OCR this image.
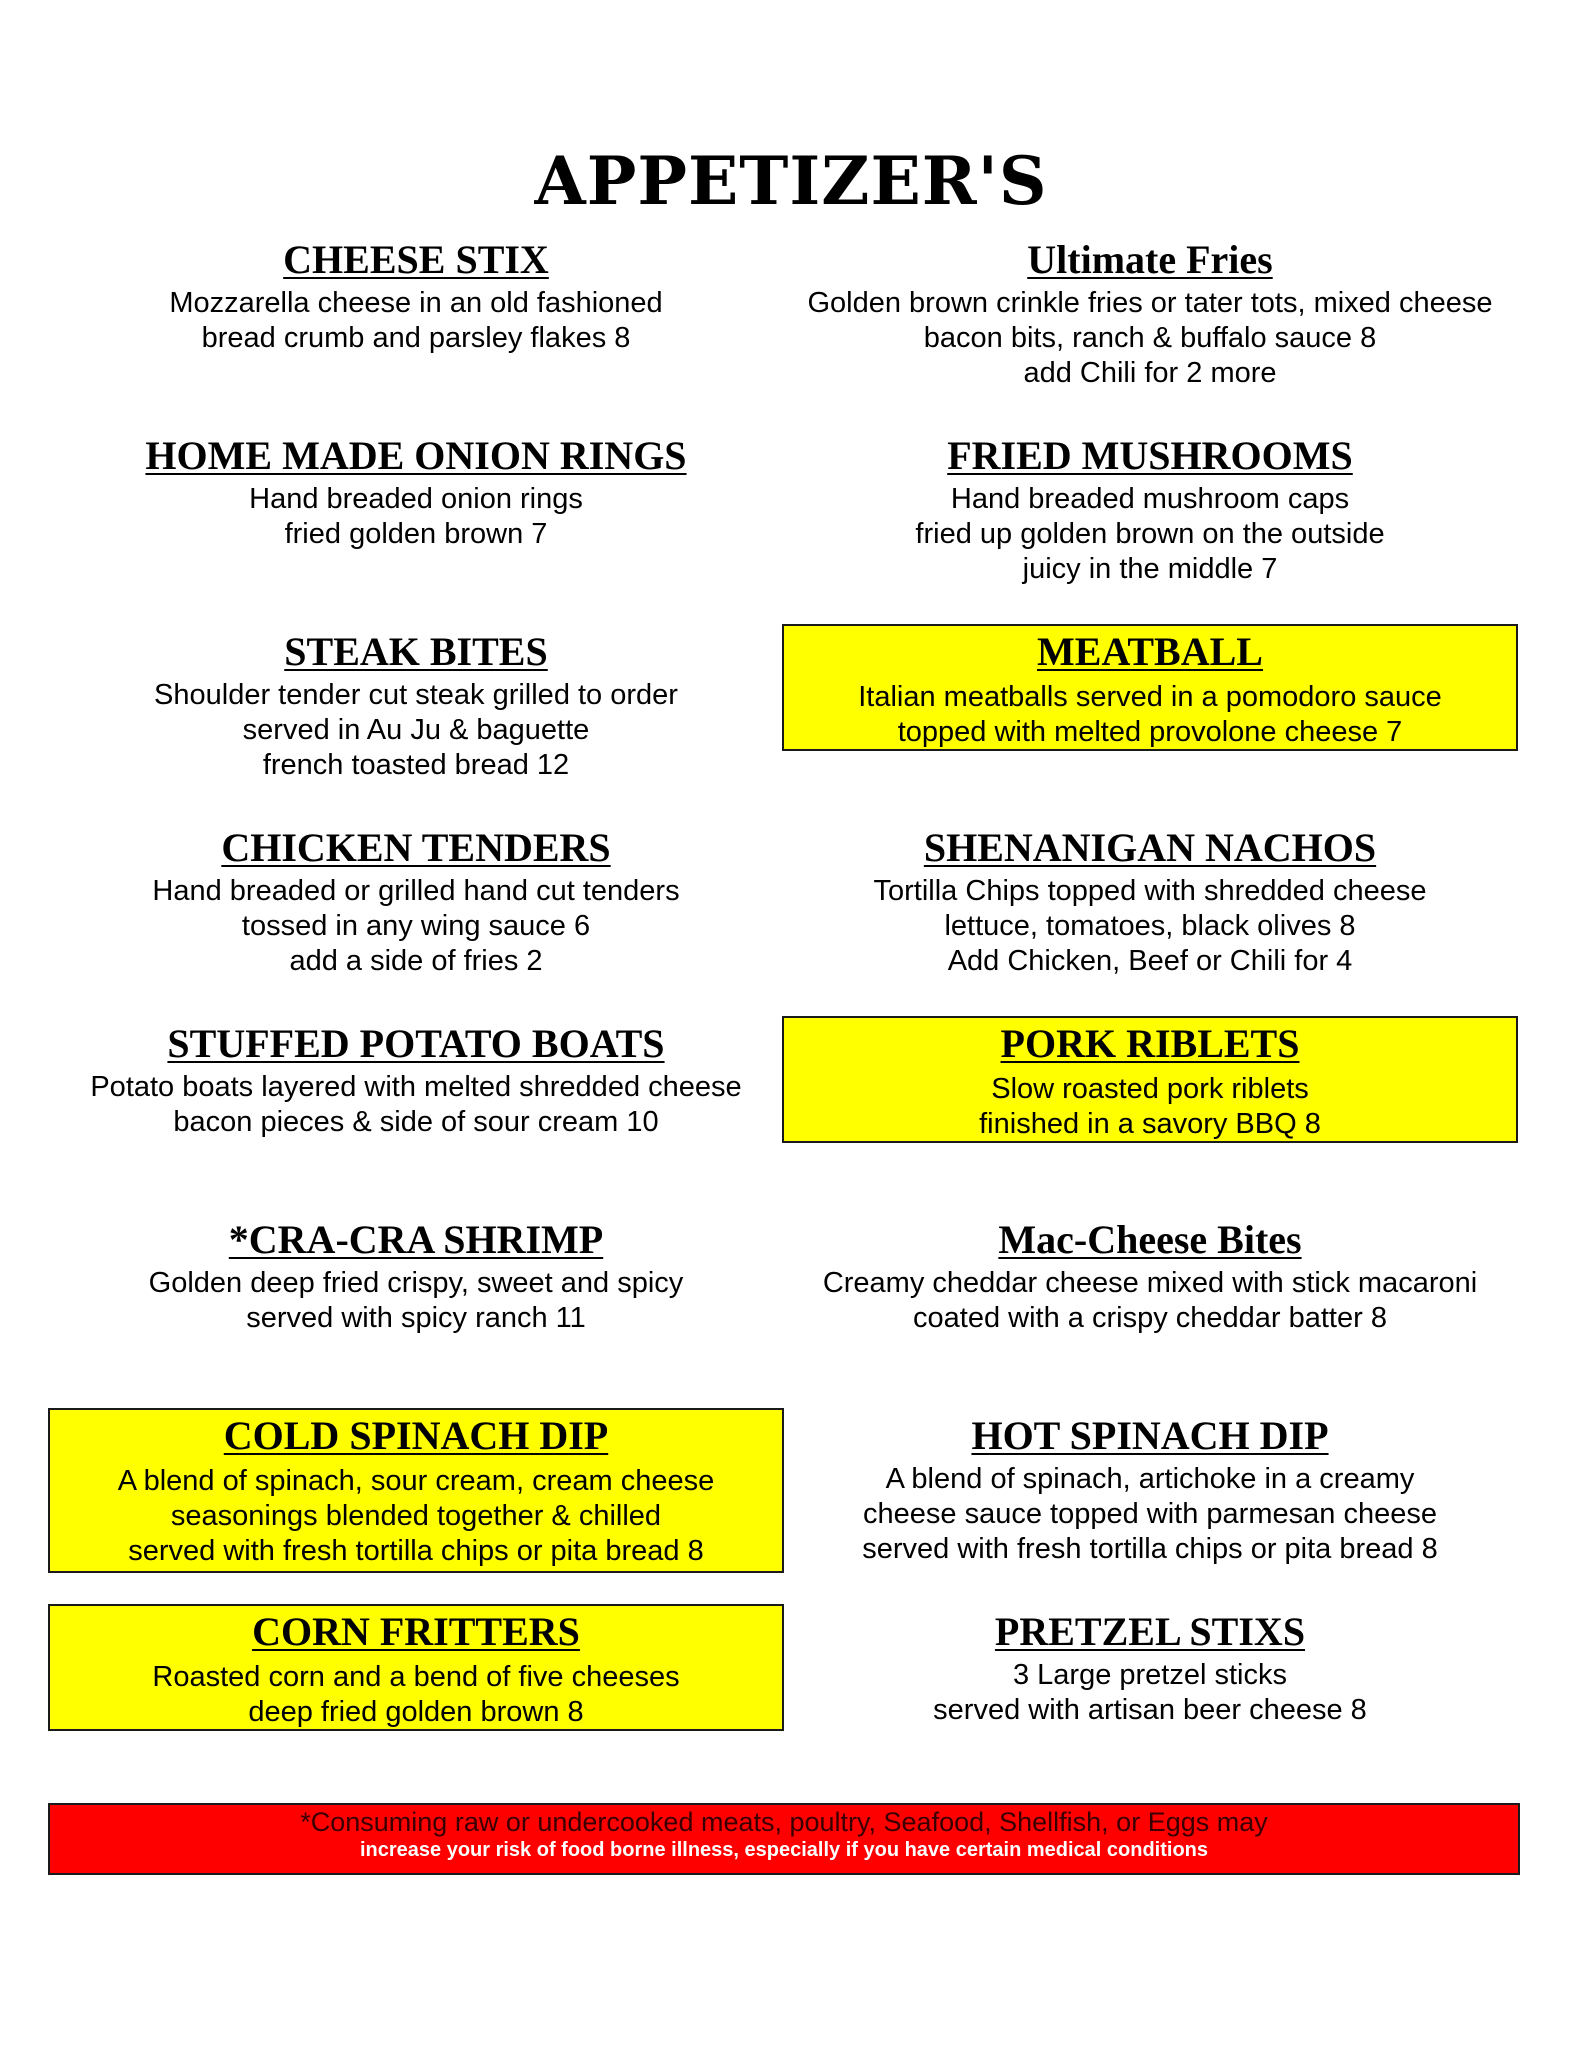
APPETIZER'S
CHEESE STIX
Mozzarella cheese in an old fashioned
bread crumb and parsley flakes 8
Ultimate Fries
Golden brown crinkle fries or tater tots, mixed cheese
bacon bits, ranch & buffalo sauce 8
add Chili for 2 more
HOME MADE ONION RINGS
Hand breaded onion rings
fried golden brown 7
FRIED MUSHROOMS
Hand breaded mushroom caps
fried up golden brown on the outside
juicy in the middle 7
STEAK BITES
Shoulder tender cut steak grilled to order
served in Au Ju & baguette
french toasted bread 12
MEATBALL
Italian meatballs served in a pomodoro sauce
topped with melted provolone cheese 7
CHICKEN TENDERS
Hand breaded or grilled hand cut tenders
tossed in any wing sauce 6
add a side of fries 2
SHENANIGAN NACHOS
Tortilla Chips topped with shredded cheese
lettuce, tomatoes, black olives 8
Add Chicken, Beef or Chili for 4
STUFFED POTATO BOATS
Potato boats layered with melted shredded cheese
bacon pieces & side of sour cream 10
PORK RIBLETS
Slow roasted pork riblets
finished in a savory BBQ 8
*CRA-CRA SHRIMP
Golden deep fried crispy, sweet and spicy
served with spicy ranch 11
Mac-Cheese Bites
Creamy cheddar cheese mixed with stick macaroni
coated with a crispy cheddar batter 8
COLD SPINACH DIP
A blend of spinach, sour cream, cream cheese
seasonings blended together & chilled
served with fresh tortilla chips or pita bread 8
HOT SPINACH DIP
A blend of spinach, artichoke in a creamy
cheese sauce topped with parmesan cheese
served with fresh tortilla chips or pita bread 8
CORN FRITTERS
Roasted corn and a bend of five cheeses
deep fried golden brown 8
PRETZEL STIXS
3 Large pretzel sticks
served with artisan beer cheese 8
*Consuming raw or undercooked meats, poultry, Seafood, Shellfish, or Eggs may
increase your risk of food borne illness, especially if you have certain medical conditions
